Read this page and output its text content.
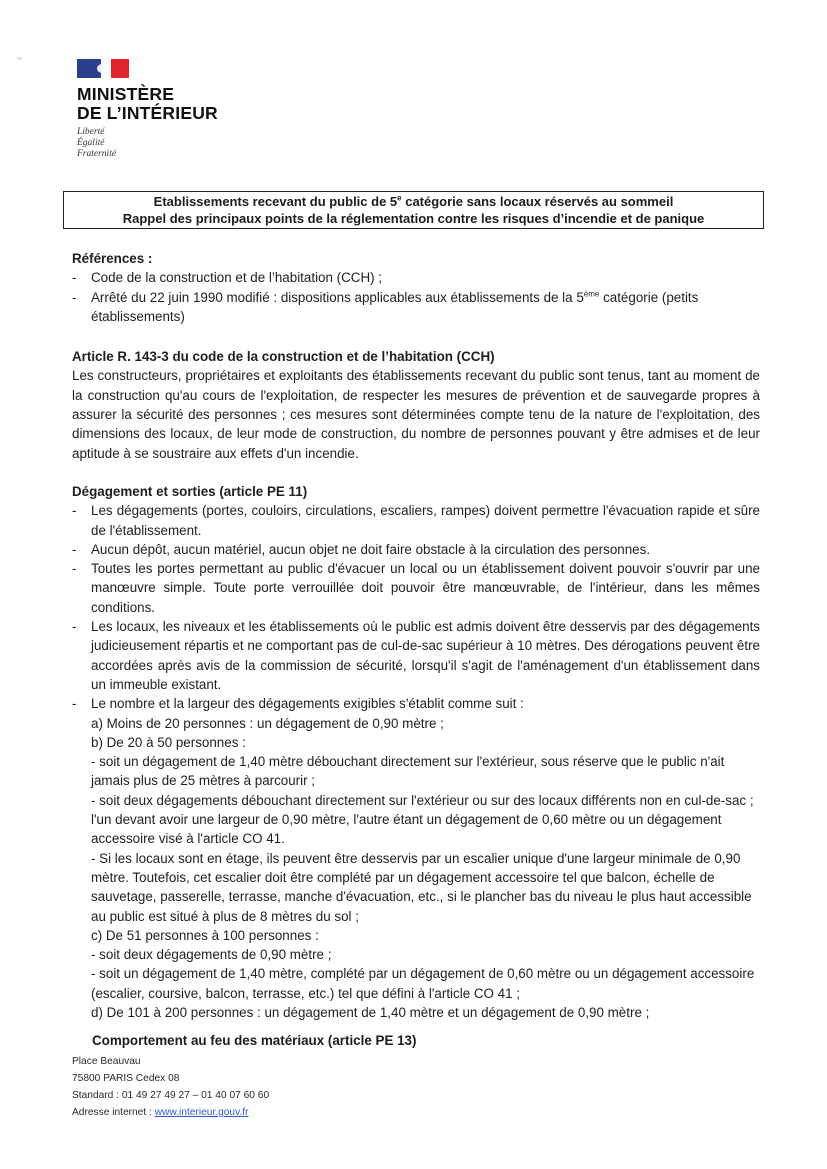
MINISTÈRE
DE L’INTÉRIEUR
Liberté
Égalité
Fraternité
Etablissements recevant du public de 5e catégorie sans locaux réservés au sommeil
Rappel des principaux points de la réglementation contre les risques d’incendie et de panique
Références :
- Code de la construction et de l’habitation (CCH) ;
- Arrêté du 22 juin 1990 modifié : dispositions applicables aux établissements de la 5ème catégorie (petits établissements)
Article R. 143-3 du code de la construction et de l’habitation (CCH)
Les constructeurs, propriétaires et exploitants des établissements recevant du public sont tenus, tant au moment de la construction qu'au cours de l'exploitation, de respecter les mesures de prévention et de sauvegarde propres à assurer la sécurité des personnes ; ces mesures sont déterminées compte tenu de la nature de l'exploitation, des dimensions des locaux, de leur mode de construction, du nombre de personnes pouvant y être admises et de leur aptitude à se soustraire aux effets d'un incendie.
Dégagement et sorties (article PE 11)
- Les dégagements (portes, couloirs, circulations, escaliers, rampes) doivent permettre l'évacuation rapide et sûre de l'établissement.
- Aucun dépôt, aucun matériel, aucun objet ne doit faire obstacle à la circulation des personnes.
- Toutes les portes permettant au public d'évacuer un local ou un établissement doivent pouvoir s'ouvrir par une manœuvre simple. Toute porte verrouillée doit pouvoir être manœuvrable, de l'intérieur, dans les mêmes conditions.
- Les locaux, les niveaux et les établissements où le public est admis doivent être desservis par des dégagements judicieusement répartis et ne comportant pas de cul-de-sac supérieur à 10 mètres. Des dérogations peuvent être accordées après avis de la commission de sécurité, lorsqu'il s'agit de l'aménagement d'un établissement dans un immeuble existant.
- Le nombre et la largeur des dégagements exigibles s'établit comme suit :
a) Moins de 20 personnes : un dégagement de 0,90 mètre ;
b) De 20 à 50 personnes :
- soit un dégagement de 1,40 mètre débouchant directement sur l'extérieur, sous réserve que le public n'ait jamais plus de 25 mètres à parcourir ;
- soit deux dégagements débouchant directement sur l'extérieur ou sur des locaux différents non en cul-de-sac ; l'un devant avoir une largeur de 0,90 mètre, l'autre étant un dégagement de 0,60 mètre ou un dégagement accessoire visé à l'article CO 41.
- Si les locaux sont en étage, ils peuvent être desservis par un escalier unique d'une largeur minimale de 0,90 mètre. Toutefois, cet escalier doit être complété par un dégagement accessoire tel que balcon, échelle de sauvetage, passerelle, terrasse, manche d'évacuation, etc., si le plancher bas du niveau le plus haut accessible au public est situé à plus de 8 mètres du sol ;
c) De 51 personnes à 100 personnes :
- soit deux dégagements de 0,90 mètre ;
- soit un dégagement de 1,40 mètre, complété par un dégagement de 0,60 mètre ou un dégagement accessoire (escalier, coursive, balcon, terrasse, etc.) tel que défini à l'article CO 41 ;
d) De 101 à 200 personnes : un dégagement de 1,40 mètre et un dégagement de 0,90 mètre ;
Comportement au feu des matériaux (article PE 13)
Place Beauvau
75800 PARIS Cedex 08
Standard : 01 49 27 49 27 – 01 40 07 60 60
Adresse internet : www.interieur.gouv.fr
